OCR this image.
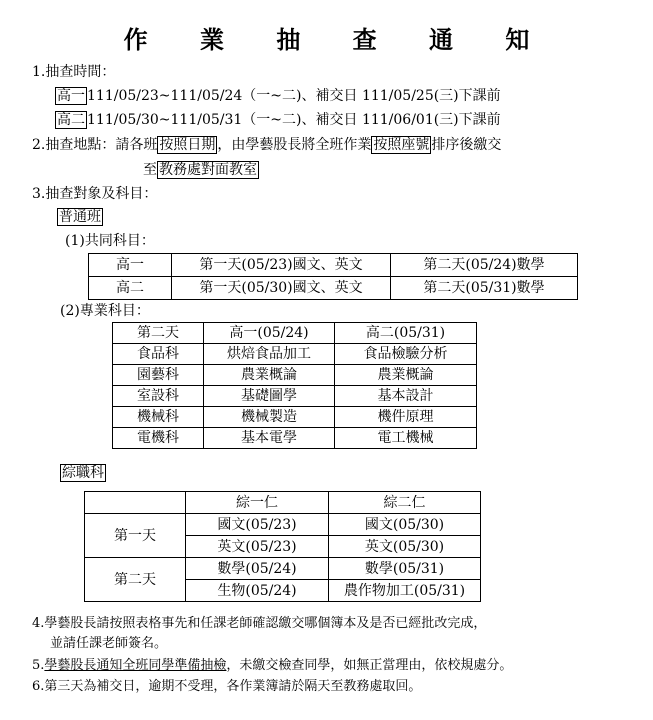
作 業 抽 查 通 知
1.抽查時間：
高一 111/05/23~111/05/24（一~二)、補交日 111/05/25(三)下課前
高二 111/05/30~111/05/31（一~二)、補交日 111/06/01(三)下課前
2.抽查地點：請各班 按照日期 ，由學藝股長將全班作業 按照座號 排序後繳交
至 教務處對面教室
3.抽查對象及科目：
普通班
(1)共同科目：
高一	第一天(05/23)國文、英文	第二天(05/24)數學
高二	第一天(05/30)國文、英文	第二天(05/31)數學
(2)專業科目：
第二天	高一(05/24)	高二(05/31)
食品科	烘焙食品加工	食品檢驗分析
園藝科	農業概論	農業概論
室設科	基礎圖學	基本設計
機械科	機械製造	機件原理
電機科	基本電學	電工機械
綜職科
	綜一仁	綜二仁
第一天	國文(05/23)	國文(05/30)
	英文(05/23)	英文(05/30)
第二天	數學(05/24)	數學(05/31)
	生物(05/24)	農作物加工(05/31)
4.學藝股長請按照表格事先和任課老師確認繳交哪個簿本及是否已經批改完成，
並請任課老師簽名。
5.學藝股長通知全班同學準備抽檢，未繳交檢查同學，如無正當理由，依校規處分。
6.第三天為補交日，逾期不受理，各作業簿請於隔天至教務處取回。
